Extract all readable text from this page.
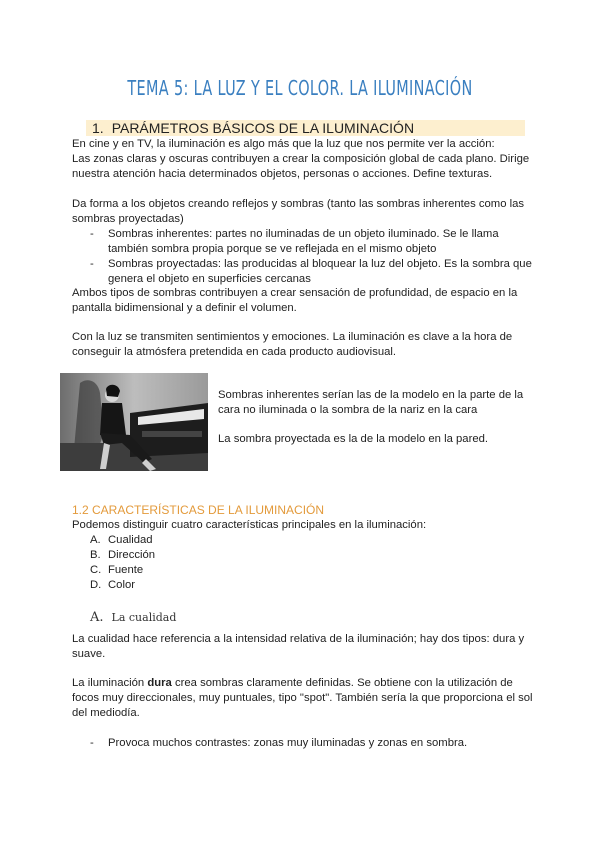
TEMA 5: LA LUZ Y EL COLOR. LA ILUMINACIÓN
1. PARÁMETROS BÁSICOS DE LA ILUMINACIÓN
En cine y en TV, la iluminación es algo más que la luz que nos permite ver la acción:
Las zonas claras y oscuras contribuyen a crear la composición global de cada plano. Dirige
nuestra atención hacia determinados objetos, personas o acciones. Define texturas.
Da forma a los objetos creando reflejos y sombras (tanto las sombras inherentes como las
sombras proyectadas)
- Sombras inherentes: partes no iluminadas de un objeto iluminado. Se le llama
también sombra propia porque se ve reflejada en el mismo objeto
- Sombras proyectadas: las producidas al bloquear la luz del objeto. Es la sombra que
genera el objeto en superficies cercanas
Ambos tipos de sombras contribuyen a crear sensación de profundidad, de espacio en la
pantalla bidimensional y a definir el volumen.
Con la luz se transmiten sentimientos y emociones. La iluminación es clave a la hora de
conseguir la atmósfera pretendida en cada producto audiovisual.
Sombras inherentes serían las de la modelo en la parte de la
cara no iluminada o la sombra de la nariz en la cara
La sombra proyectada es la de la modelo en la pared.
1.2 CARACTERÍSTICAS DE LA ILUMINACIÓN
Podemos distinguir cuatro características principales en la iluminación:
A. Cualidad
B. Dirección
C. Fuente
D. Color
A. La cualidad
La cualidad hace referencia a la intensidad relativa de la iluminación; hay dos tipos: dura y
suave.
La iluminación dura crea sombras claramente definidas. Se obtiene con la utilización de
focos muy direccionales, muy puntuales, tipo "spot". También sería la que proporciona el sol
del mediodía.
- Provoca muchos contrastes: zonas muy iluminadas y zonas en sombra.
